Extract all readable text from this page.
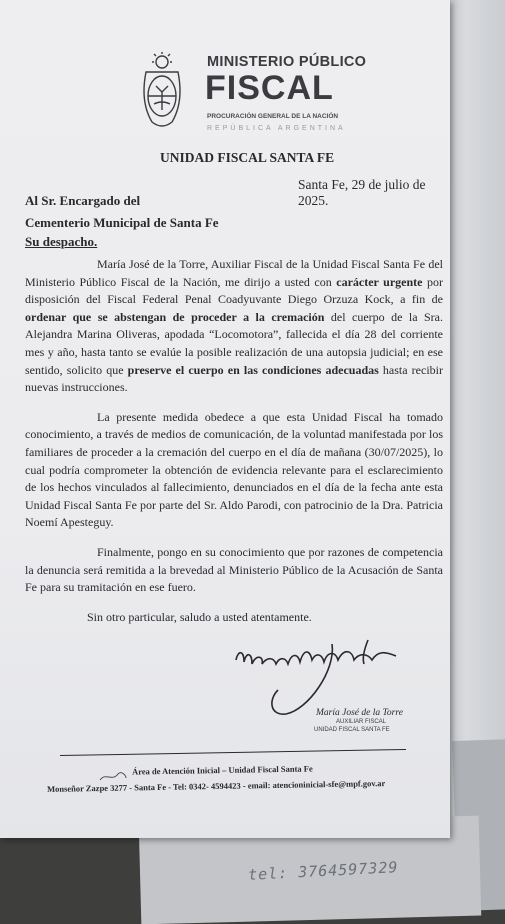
tel: 3764597329
MINISTERIO PÚBLICO
FISCAL
PROCURACIÓN GENERAL DE LA NACIÓN
REPÚBLICA ARGENTINA
UNIDAD FISCAL SANTA FE
Santa Fe, 29 de julio de 2025.
Al Sr. Encargado del
Cementerio Municipal de Santa Fe
Su despacho.

María José de la Torre, Auxiliar Fiscal de la Unidad Fiscal Santa Fe del Ministerio Público Fiscal de la Nación, me dirijo a usted con carácter urgente por disposición del Fiscal Federal Penal Coadyuvante Diego Orzuza Kock, a fin de ordenar que se abstengan de proceder a la cremación del cuerpo de la Sra. Alejandra Marina Oliveras, apodada “Locomotora”, fallecida el día 28 del corriente mes y año, hasta tanto se evalúe la posible realización de una autopsia judicial; en ese sentido, solicito que preserve el cuerpo en las condiciones adecuadas hasta recibir nuevas instrucciones.

La presente medida obedece a que esta Unidad Fiscal ha tomado conocimiento, a través de medios de comunicación, de la voluntad manifestada por los familiares de proceder a la cremación del cuerpo en el día de mañana (30/07/2025), lo cual podría comprometer la obtención de evidencia relevante para el esclarecimiento de los hechos vinculados al fallecimiento, denunciados en el día de la fecha ante esta Unidad Fiscal Santa Fe por parte del Sr. Aldo Parodi, con patrocinio de la Dra. Patricia Noemí Apesteguy.

Finalmente, pongo en su conocimiento que por razones de competencia la denuncia será remitida a la brevedad al Ministerio Público de la Acusación de Santa Fe para su tramitación en ese fuero.

Sin otro particular, saludo a usted atentamente.

María José de la Torre
AUXILIAR FISCAL
UNIDAD FISCAL SANTA FE
Área de Atención Inicial – Unidad Fiscal Santa Fe
Monseñor Zazpe 3277 - Santa Fe - Tel: 0342- 4594423 - email: atencioninicial-sfe@mpf.gov.ar
